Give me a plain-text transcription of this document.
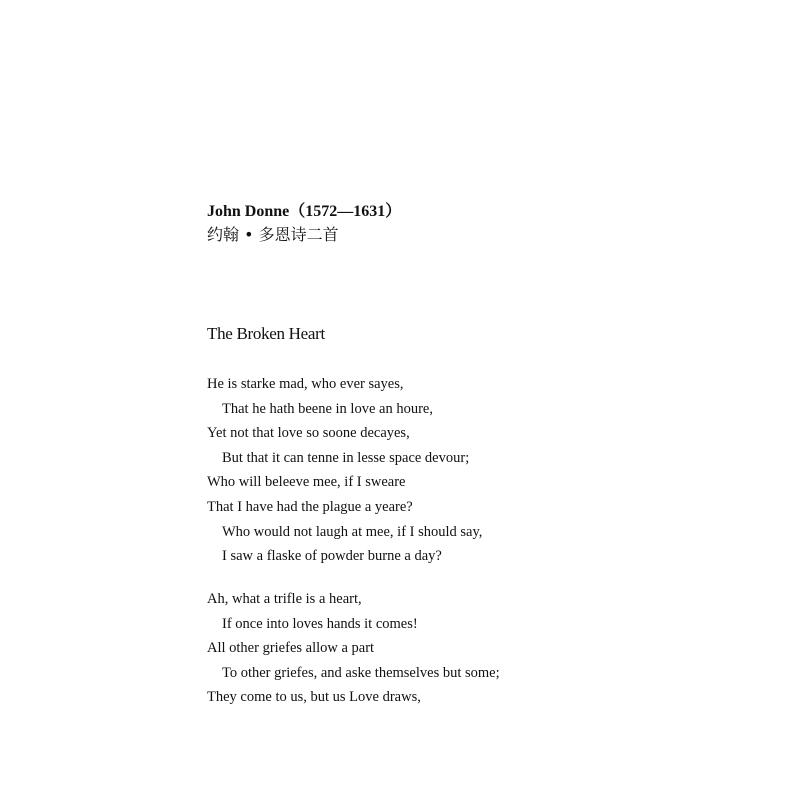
John Donne（1572—1631）
约翰 • 多恩诗二首
The Broken Heart
He is starke mad, who ever sayes,
That he hath beene in love an houre,
Yet not that love so soone decayes,
But that it can tenne in lesse space devour;
Who will beleeve mee, if I sweare
That I have had the plague a yeare?
Who would not laugh at mee, if I should say,
I saw a flaske of powder burne a day?
Ah, what a trifle is a heart,
If once into loves hands it comes!
All other griefes allow a part
To other griefes, and aske themselves but some;
They come to us, but us Love draws,
